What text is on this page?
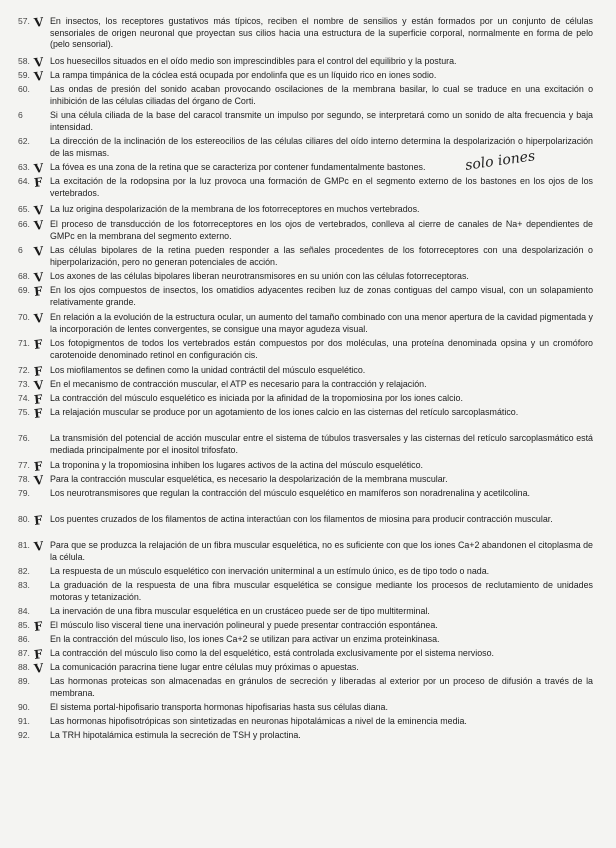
57. V En insectos, los receptores gustativos más típicos, reciben el nombre de sensilios y están formados por un conjunto de células sensoriales de origen neuronal que proyectan sus cilios hacia una estructura de la superficie corporal, normalmente en forma de pelo (pelo sensorial).
58. V Los huesecillos situados en el oído medio son imprescindibles para el control del equilibrio y la postura.
59. V La rampa timpánica de la cóclea está ocupada por endolinfa que es un líquido rico en iones sodio.
60.	Las ondas de presión del sonido acaban provocando oscilaciones de la membrana basilar, lo cual se traduce en una excitación o inhibición de las células ciliadas del órgano de Corti.
6	Si una célula ciliada de la base del caracol transmite un impulso por segundo, se interpretará como un sonido de alta frecuencia y baja intensidad.
62.	La dirección de la inclinación de los estereocilios de las células ciliares del oído interno determina la despolarización o hiperpolarización de las mismas.
63. V La fóvea es una zona de la retina que se caracteriza por contener fundamentalmente bastones.
64. F La excitación de la rodopsina por la luz provoca una formación de GMPc en el segmento externo de los bastones en los ojos de los vertebrados.
65. V La luz origina despolarización de la membrana de los fotorreceptores en muchos vertebrados.
66. V El proceso de transducción de los fotorreceptores en los ojos de vertebrados, conlleva al cierre de canales de Na+ dependientes de GMPc en la membrana del segmento externo.
6 V Las células bipolares de la retina pueden responder a las señales procedentes de los fotorreceptores con una despolarización o hiperpolarización, pero no generan potenciales de acción.
68. V Los axones de las células bipolares liberan neurotransmisores en su unión con las células fotorreceptoras.
69. F En los ojos compuestos de insectos, los omatidios adyacentes reciben luz de zonas contiguas del campo visual, con un solapamiento relativamente grande.
70. V En relación a la evolución de la estructura ocular, un aumento del tamaño combinado con una menor apertura de la cavidad pigmentada y la incorporación de lentes convergentes, se consigue una mayor agudeza visual.
71. F Los fotopigmentos de todos los vertebrados están compuestos por dos moléculas, una proteína denominada opsina y un cromóforo carotenoide denominado retinol en configuración cis.
72. F Los miofilamentos se definen como la unidad contráctil del músculo esquelético.
73. V En el mecanismo de contracción muscular, el ATP es necesario para la contracción y relajación.
74. F La contracción del músculo esquelético es iniciada por la afinidad de la tropomiosina por los iones calcio.
75. F La relajación muscular se produce por un agotamiento de los iones calcio en las cisternas del retículo sarcoplasmático.
76.	La transmisión del potencial de acción muscular entre el sistema de túbulos trasversales y las cisternas del retículo sarcoplasmático está mediada principalmente por el inositol trifosfato.
77. F La troponina y la tropomiosina inhiben los lugares activos de la actina del músculo esquelético.
78. V Para la contracción muscular esquelética, es necesario la despolarización de la membrana muscular.
79.	Los neurotransmisores que regulan la contracción del músculo esquelético en mamíferos son noradrenalina y acetilcolina.
80. F Los puentes cruzados de los filamentos de actina interactúan con los filamentos de miosina para producir contracción muscular.
81. V Para que se produzca la relajación de un fibra muscular esquelética, no es suficiente con que los iones Ca+2 abandonen el citoplasma de la célula.
82.	La respuesta de un músculo esquelético con inervación uniterminal a un estímulo único, es de tipo todo o nada.
83.	La graduación de la respuesta de una fibra muscular esquelética se consigue mediante los procesos de reclutamiento de unidades motoras y tetanización.
84.	La inervación de una fibra muscular esquelética en un crustáceo puede ser de tipo multiterminal.
85. F El músculo liso visceral tiene una inervación polineural y puede presentar contracción espontánea.
86.	En la contracción del músculo liso, los iones Ca+2 se utilizan para activar un enzima proteinkinasa.
87. F La contracción del músculo liso como la del esquelético, está controlada exclusivamente por el sistema nervioso.
88. V La comunicación paracrina tiene lugar entre células muy próximas o apuestas.
89.	Las hormonas proteicas son almacenadas en gránulos de secreción y liberadas al exterior por un proceso de difusión a través de la membrana.
90.	El sistema portal-hipofisario transporta hormonas hipofisarias hasta sus células diana.
91.	Las hormonas hipofisotrópicas son sintetizadas en neuronas hipotalámicas a nivel de la eminencia media.
92.	La TRH hipotalámica estimula la secreción de TSH y prolactina.
solo iones
